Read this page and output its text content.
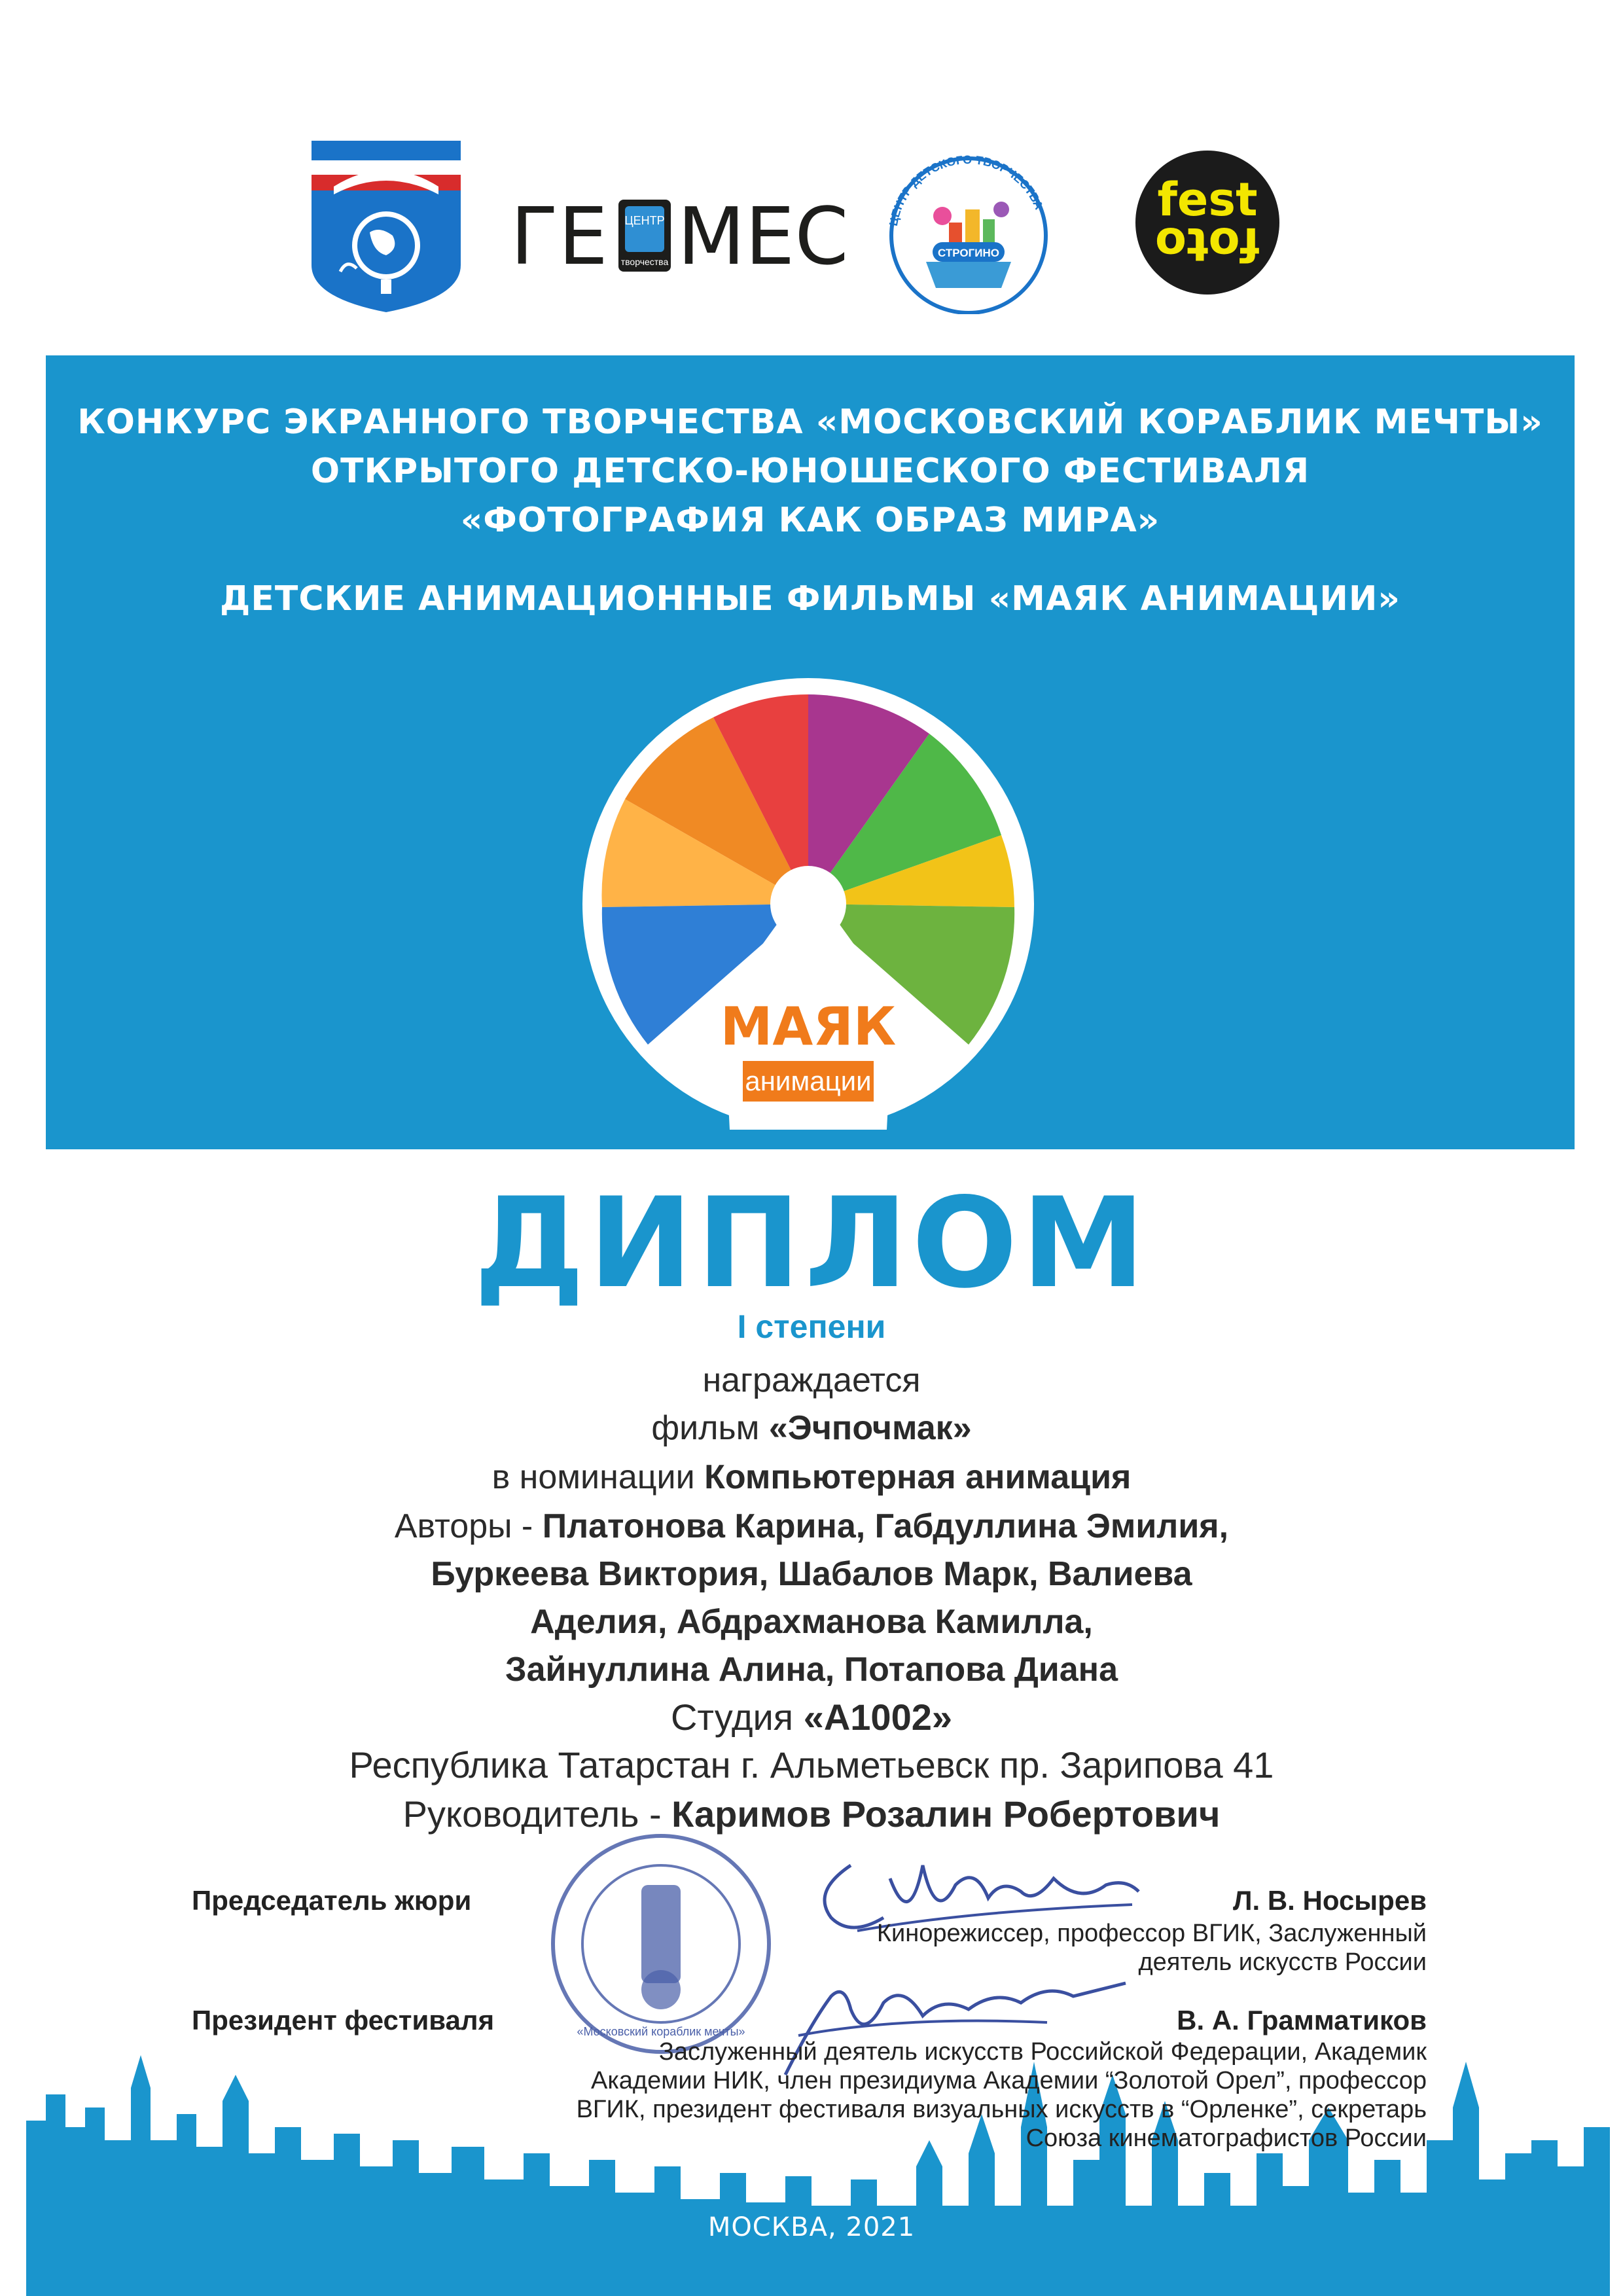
ГЕ ЦЕНТР
творчества МЕС	ЦЕНТР ДЕТСКОГО ТВОРЧЕСТВА
СТРОГИНО
fest
foto
КОНКУРС ЭКРАННОГО ТВОРЧЕСТВА «МОСКОВСКИЙ КОРАБЛИК МЕЧТЫ»
ОТКРЫТОГО ДЕТСКО-ЮНОШЕСКОГО ФЕСТИВАЛЯ
«ФОТОГРАФИЯ КАК ОБРАЗ МИРА»
ДЕТСКИЕ АНИМАЦИОННЫЕ ФИЛЬМЫ «МАЯК АНИМАЦИИ»
МАЯК
анимации
ДИПЛОМ
I степени
награждается
фильм «Эчпочмак»
в номинации Компьютерная анимация
Авторы - Платонова Карина, Габдуллина Эмилия,
Буркеева Виктория, Шабалов Марк, Валиева
Аделия, Абдрахманова Камилла,
Зайнуллина Алина, Потапова Диана
Студия «А1002»
Республика Татарстан г. Альметьевск пр. Зарипова 41
Руководитель - Каримов Розалин Робертович
МОСКВА, 2021
«Московский кораблик мечты»
Председатель жюри	Л. В. Носырев
Кинорежиссер, профессор ВГИК, Заслуженный деятель искусств России
Президент фестиваля	В. А. Грамматиков
Заслуженный деятель искусств Российской Федерации, Академик Академии НИК, член президиума Академии “Золотой Орел”, профессор ВГИК, президент фестиваля визуальных искусств в “Орленке”, секретарь Союза кинематографистов России
